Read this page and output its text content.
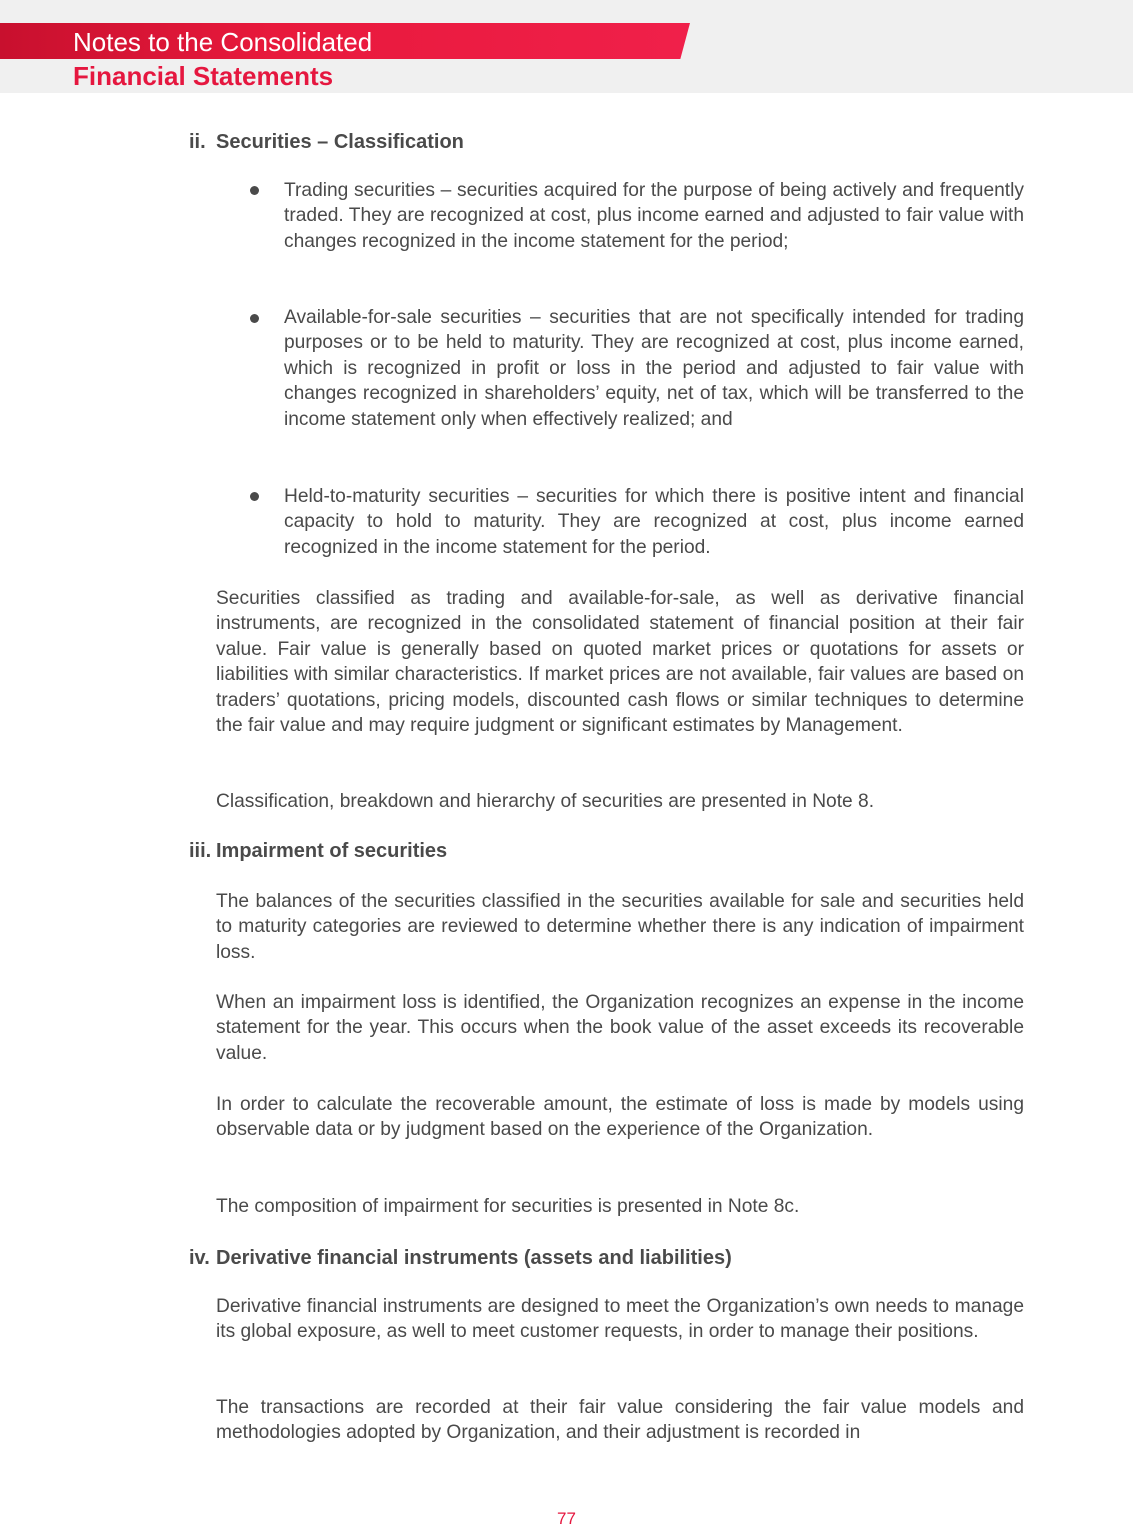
Notes to the Consolidated
Financial Statements
ii. Securities – Classification
Trading securities – securities acquired for the purpose of being actively and frequently traded. They are recognized at cost, plus income earned and adjusted to fair value with changes recognized in the income statement for the period;
Available-for-sale securities – securities that are not specifically intended for trading purposes or to be held to maturity. They are recognized at cost, plus income earned, which is recognized in profit or loss in the period and adjusted to fair value with changes recognized in shareholders’ equity, net of tax, which will be transferred to the income statement only when effectively realized; and
Held-to-maturity securities – securities for which there is positive intent and financial capacity to hold to maturity. They are recognized at cost, plus income earned recognized in the income statement for the period.
Securities classified as trading and available-for-sale, as well as derivative financial instruments, are recognized in the consolidated statement of financial position at their fair value. Fair value is generally based on quoted market prices or quotations for assets or liabilities with similar characteristics. If market prices are not available, fair values are based on traders’ quotations, pricing models, discounted cash flows or similar techniques to determine the fair value and may require judgment or significant estimates by Management.
Classification, breakdown and hierarchy of securities are presented in Note 8.
iii. Impairment of securities
The balances of the securities classified in the securities available for sale and securities held to maturity categories are reviewed to determine whether there is any indication of impairment loss.
When an impairment loss is identified, the Organization recognizes an expense in the income statement for the year. This occurs when the book value of the asset exceeds its recoverable value.
In order to calculate the recoverable amount, the estimate of loss is made by models using observable data or by judgment based on the experience of the Organization.
The composition of impairment for securities is presented in Note 8c.
iv. Derivative financial instruments (assets and liabilities)
Derivative financial instruments are designed to meet the Organization’s own needs to manage its global exposure, as well to meet customer requests, in order to manage their positions.
The transactions are recorded at their fair value considering the fair value models and methodologies adopted by Organization, and their adjustment is recorded in
77
